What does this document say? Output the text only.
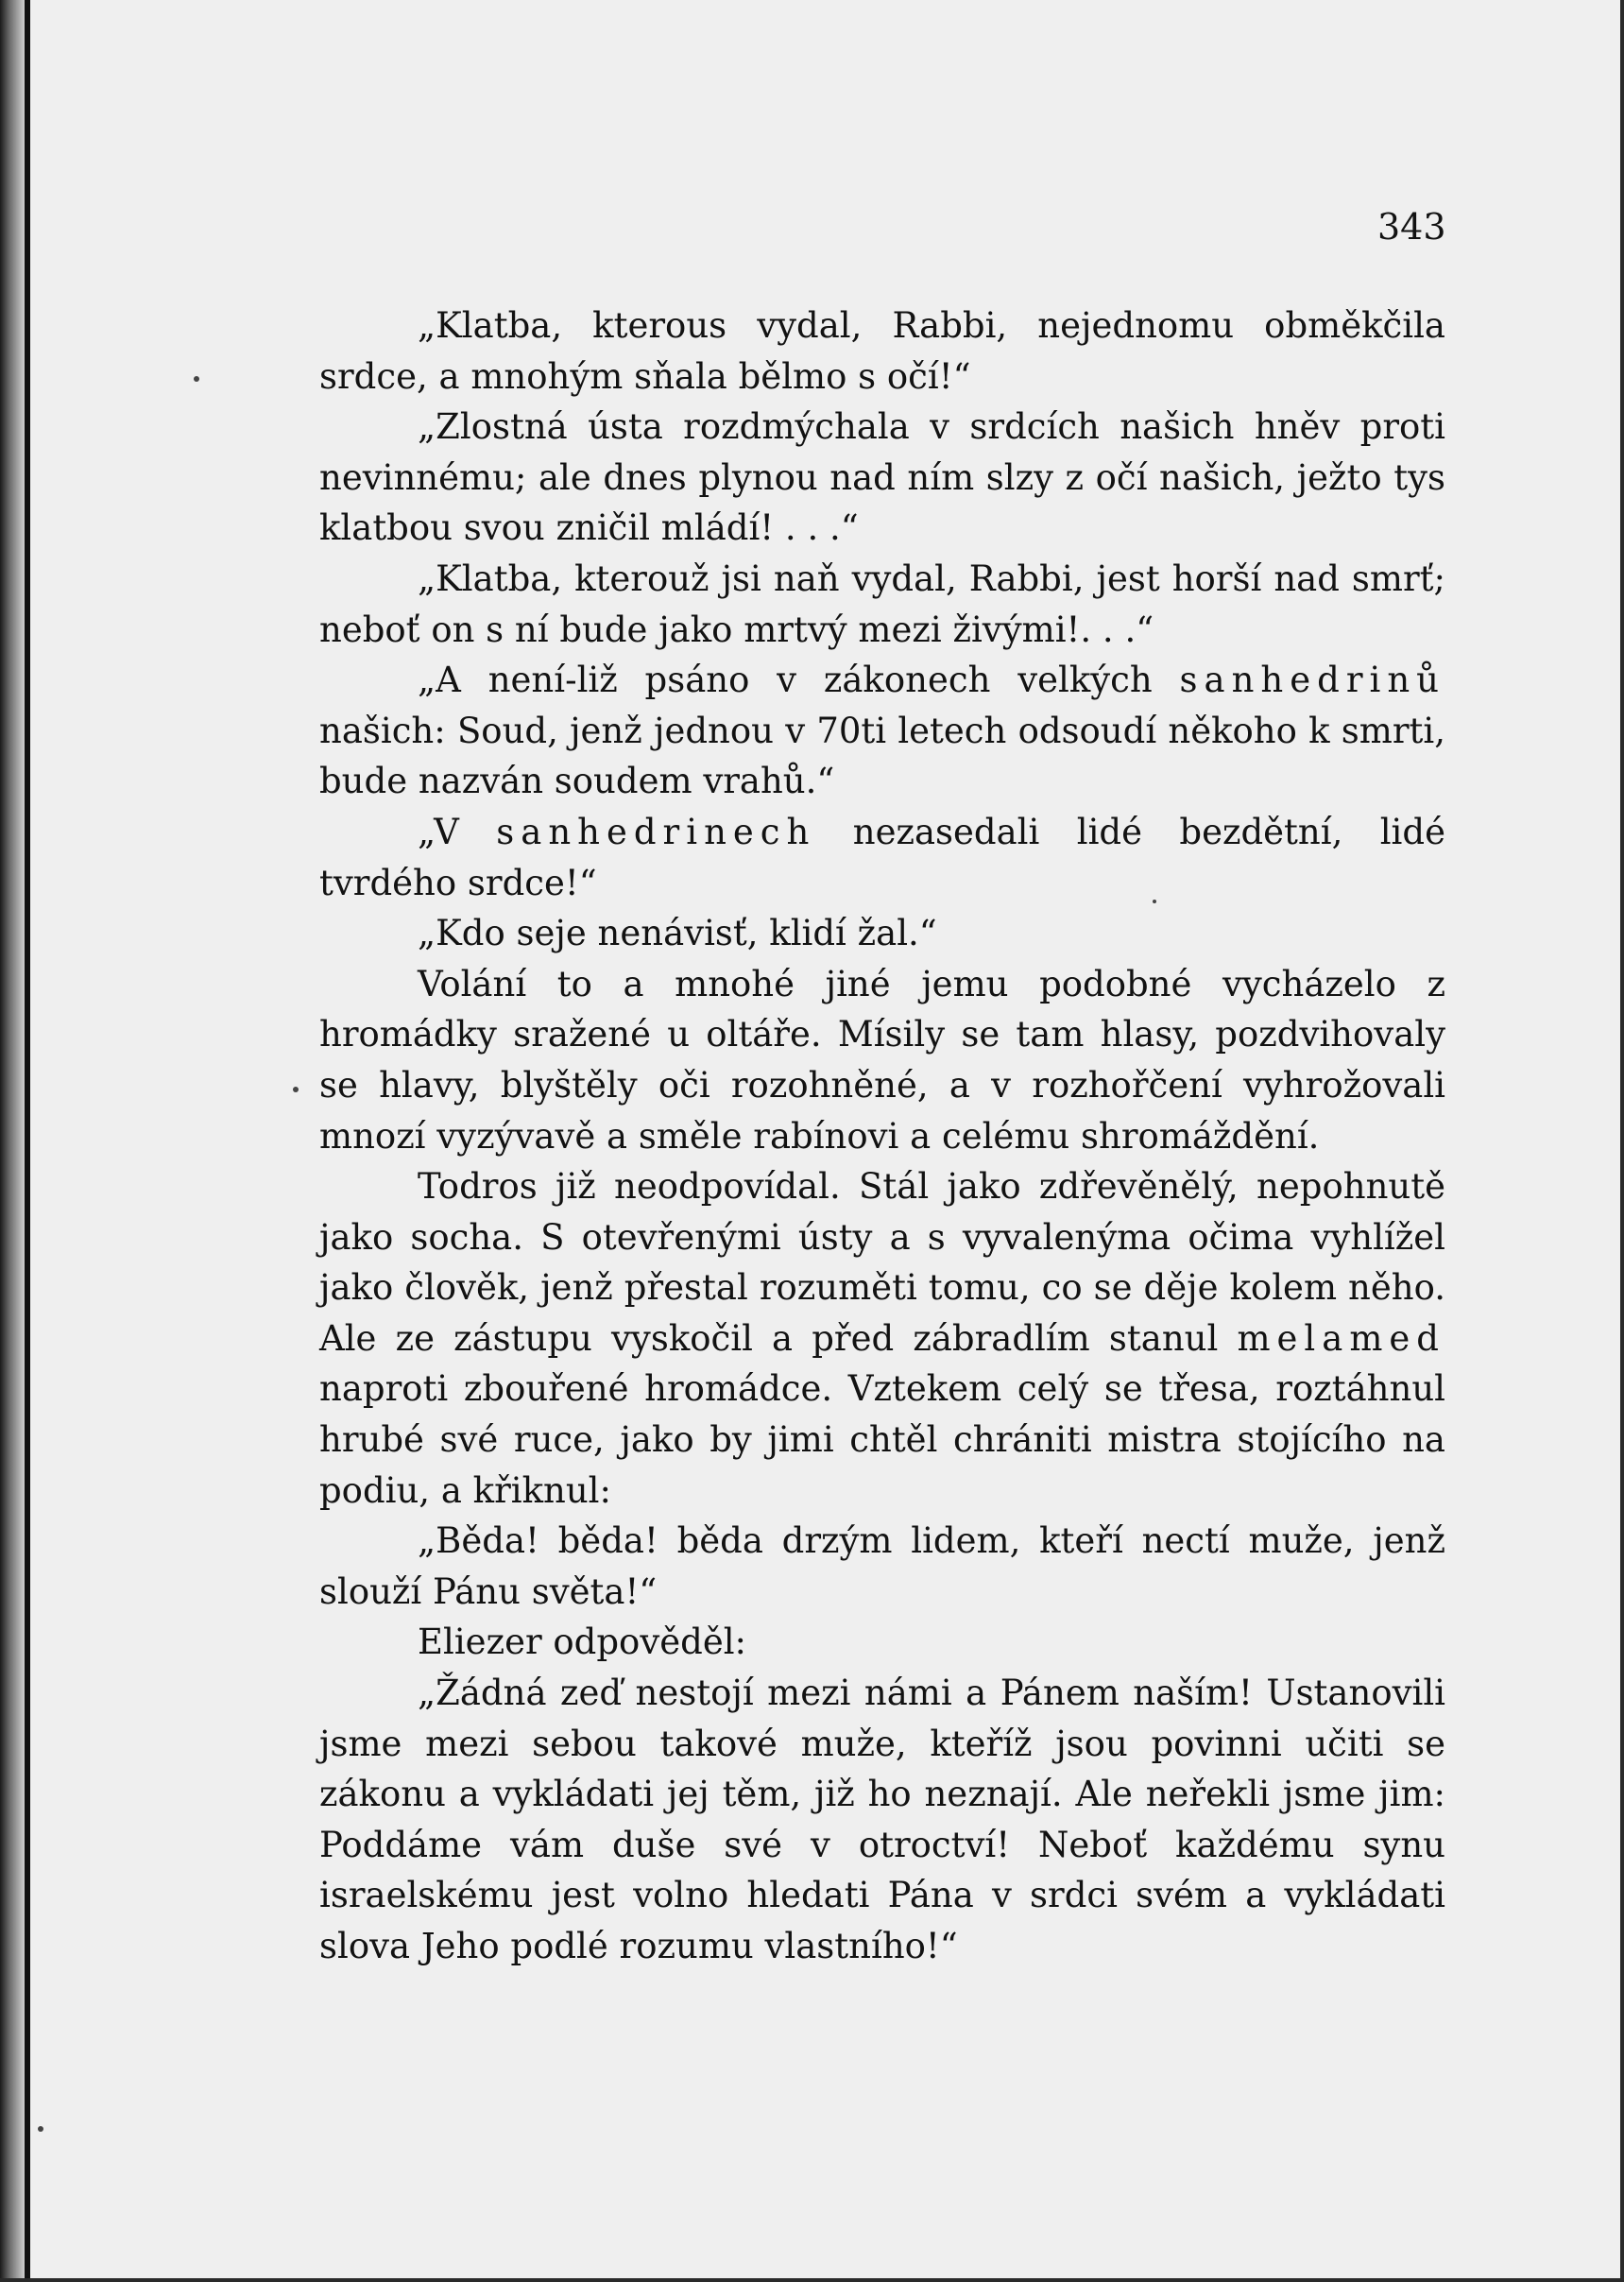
343

„Klatba, kterous vydal, Rabbi, nejednomu obměkčila srdce, a mnohým sňala bělmo s očí!“

„Zlostná ústa rozdmýchala v srdcích našich hněv proti nevinnému; ale dnes plynou nad ním slzy z očí našich, ježto tys klatbou svou zničil mládí! . . .“

„Klatba, kterouž jsi naň vydal, Rabbi, jest horší nad smrť; neboť on s ní bude jako mrtvý mezi živými!. . .“

„A není-liž psáno v zákonech velkých sanhedrinů našich: Soud, jenž jednou v 70ti letech odsoudí někoho k smrti, bude nazván soudem vrahů.“

„V sanhedrinech nezasedali lidé bezdětní, lidé tvrdého srdce!“

„Kdo seje nenávisť, klidí žal.“

Volání to a mnohé jiné jemu podobné vycházelo z hromádky sražené u oltáře. Mísily se tam hlasy, pozdvihovaly se hlavy, blyštěly oči rozohněné, a v rozhořčení vyhrožovali mnozí vyzývavě a směle rabínovi a celému shromáždění.

Todros již neodpovídal. Stál jako zdřevěnělý, nepohnutě jako socha. S otevřenými ústy a s vyvalenýma očima vyhlížel jako člověk, jenž přestal rozuměti tomu, co se děje kolem něho. Ale ze zástupu vyskočil a před zábradlím stanul melamed naproti zbouřené hromádce. Vztekem celý se třesa, roztáhnul hrubé své ruce, jako by jimi chtěl chrániti mistra stojícího na podiu, a křiknul:

„Běda! běda! běda drzým lidem, kteří nectí muže, jenž slouží Pánu světa!“

Eliezer odpověděl:

„Žádná zeď nestojí mezi námi a Pánem naším! Ustanovili jsme mezi sebou takové muže, kteříž jsou povinni učiti se zákonu a vykládati jej těm, již ho neznají. Ale neřekli jsme jim: Poddáme vám duše své v otroctví! Neboť každému synu israelskému jest volno hledati Pána v srdci svém a vykládati slova Jeho podlé rozumu vlastního!“
